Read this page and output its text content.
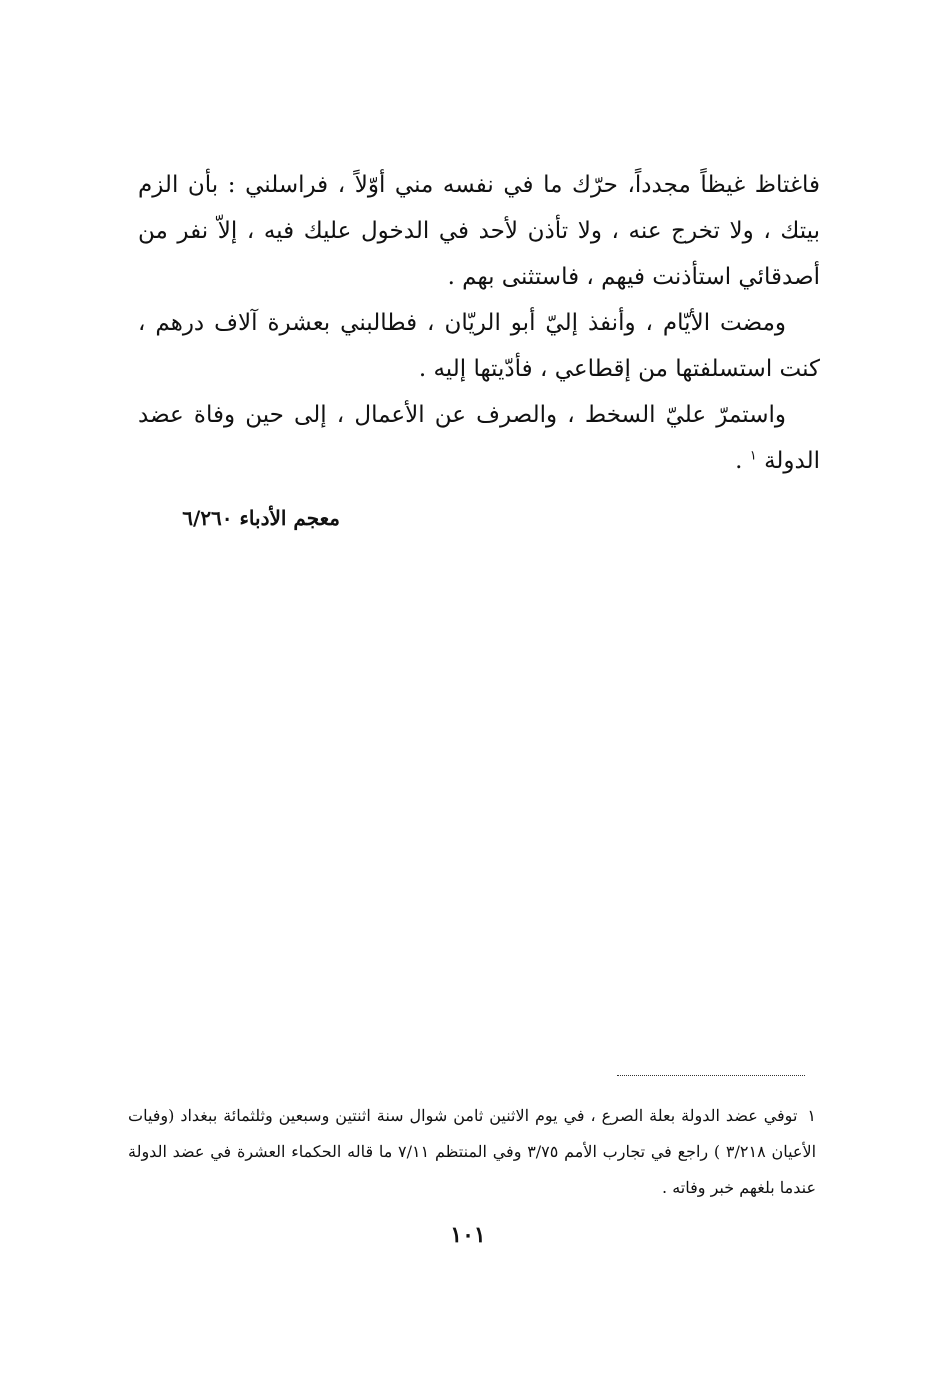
فاغتاظ غيظاً مجدداً، حرّك ما في نفسه مني أوّلاً ، فراسلني : بأن الزم بيتك ، ولا تخرج عنه ، ولا تأذن لأحد في الدخول عليك فيه ، إلاّ نفر من أصدقائي استأذنت فيهم ، فاستثنى بهم .

ومضت الأيّام ، وأنفذ إليّ أبو الريّان ، فطالبني بعشرة آلاف درهم ، كنت استسلفتها من إقطاعي ، فأدّيتها إليه .

واستمرّ عليّ السخط ، والصرف عن الأعمال ، إلى حين وفاة عضد الدولة $^١$ .

معجم الأدباء ٦/٢٦٠

١توفي عضد الدولة بعلة الصرع ، في يوم الاثنين ثامن شوال سنة اثنتين وسبعين وثلثمائة ببغداد (وفيات الأعيان ٣/٢١٨ ) راجع في تجارب الأمم ٣/٧٥ وفي المنتظم ٧/١١ ما قاله الحكماء العشرة في عضد الدولة عندما بلغهم خبر وفاته .

١٠١
